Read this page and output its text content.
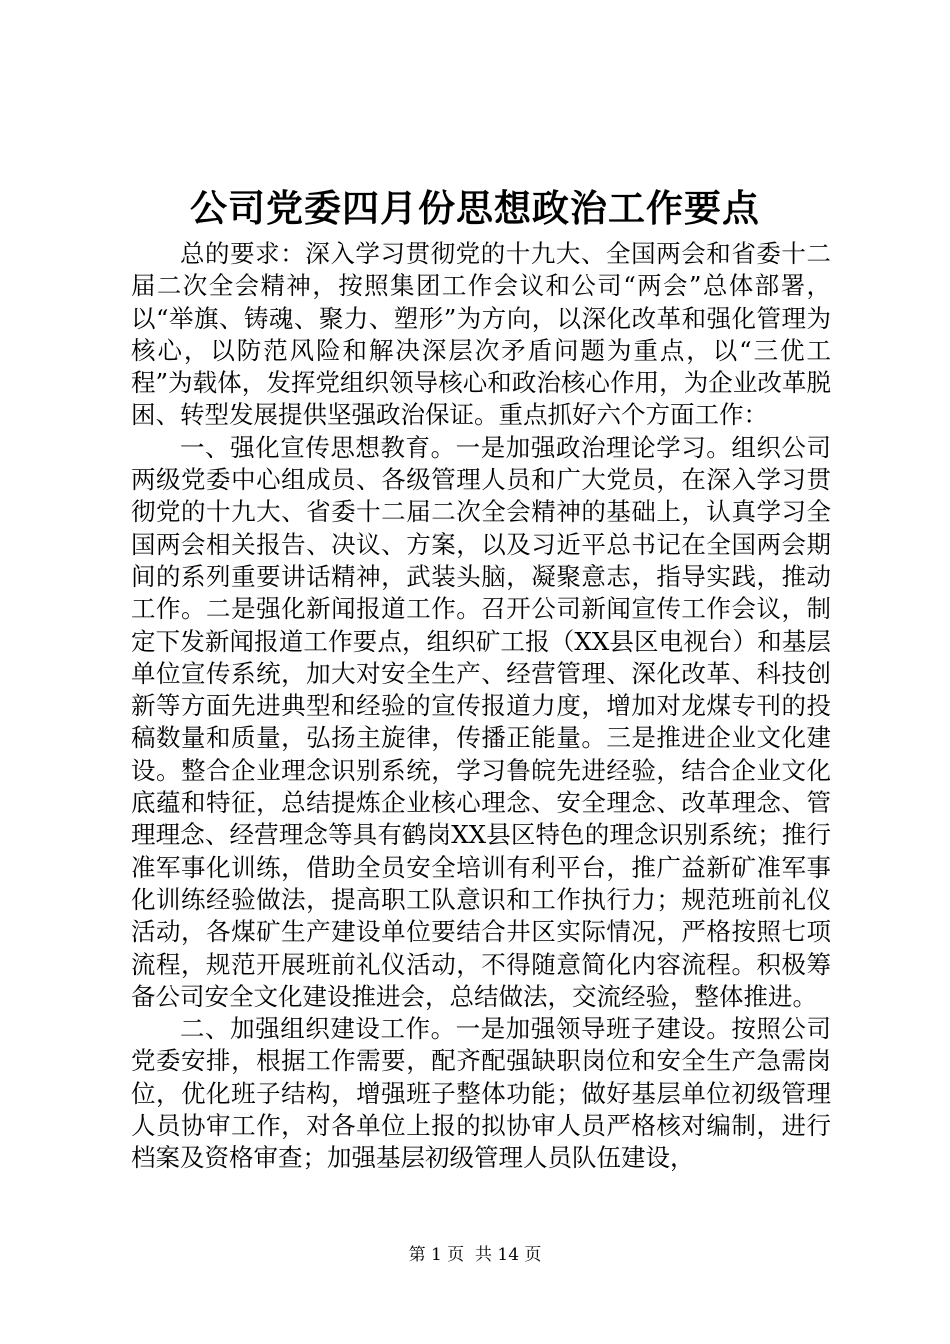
公司党委四月份思想政治工作要点

总的要求：深入学习贯彻党的十九大、全国两会和省委十二届二次全会精神，按照集团工作会议和公司“两会”总体部署，以“举旗、铸魂、聚力、塑形”为方向，以深化改革和强化管理为核心，以防范风险和解决深层次矛盾问题为重点，以“三优工程”为载体，发挥党组织领导核心和政治核心作用，为企业改革脱困、转型发展提供坚强政治保证。重点抓好六个方面工作：

一、强化宣传思想教育。一是加强政治理论学习。组织公司两级党委中心组成员、各级管理人员和广大党员，在深入学习贯彻党的十九大、省委十二届二次全会精神的基础上，认真学习全国两会相关报告、决议、方案，以及习近平总书记在全国两会期间的系列重要讲话精神，武装头脑，凝聚意志，指导实践，推动工作。二是强化新闻报道工作。召开公司新闻宣传工作会议，制定下发新闻报道工作要点，组织矿工报（XX县区电视台）和基层单位宣传系统，加大对安全生产、经营管理、深化改革、科技创新等方面先进典型和经验的宣传报道力度，增加对龙煤专刊的投稿数量和质量，弘扬主旋律，传播正能量。三是推进企业文化建设。整合企业理念识别系统，学习鲁皖先进经验，结合企业文化底蕴和特征，总结提炼企业核心理念、安全理念、改革理念、管理理念、经营理念等具有鹤岗XX县区特色的理念识别系统；推行准军事化训练，借助全员安全培训有利平台，推广益新矿准军事化训练经验做法，提高职工队意识和工作执行力；规范班前礼仪活动，各煤矿生产建设单位要结合井区实际情况，严格按照七项流程，规范开展班前礼仪活动，不得随意简化内容流程。积极筹备公司安全文化建设推进会，总结做法，交流经验，整体推进。

二、加强组织建设工作。一是加强领导班子建设。按照公司党委安排，根据工作需要，配齐配强缺职岗位和安全生产急需岗位，优化班子结构，增强班子整体功能；做好基层单位初级管理人员协审工作，对各单位上报的拟协审人员严格核对编制，进行档案及资格审查；加强基层初级管理人员队伍建设，

第 1 页  共 14 页
